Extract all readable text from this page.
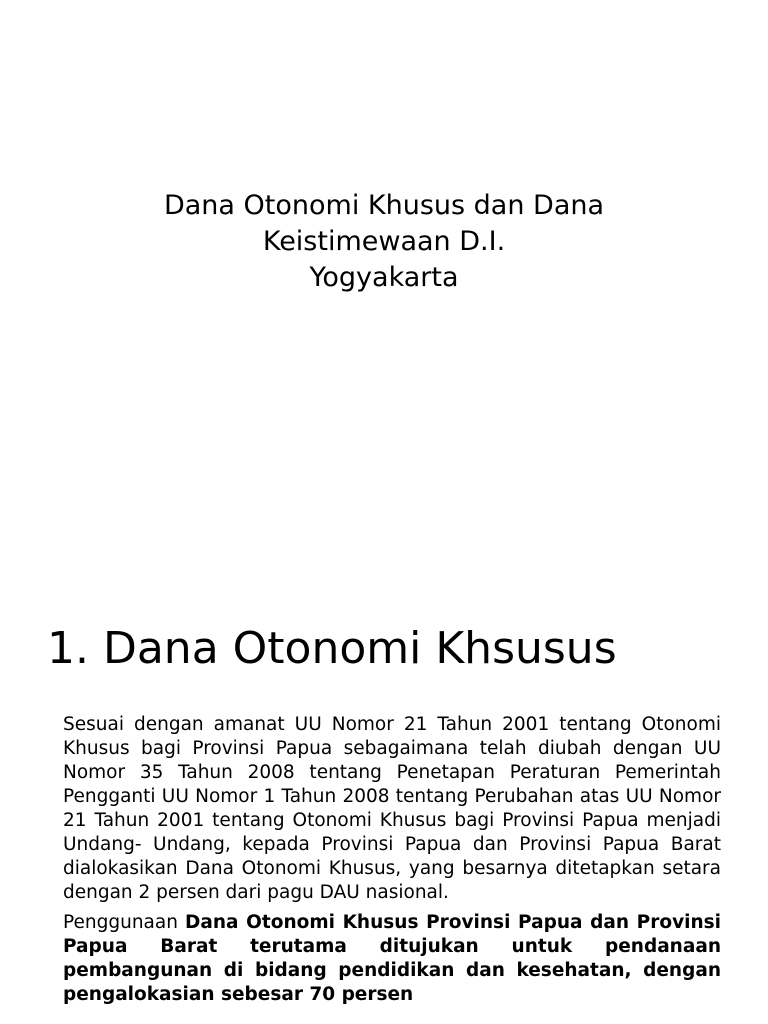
Dana Otonomi Khusus dan Dana
Keistimewaan D.I.
Yogyakarta
1. Dana Otonomi Khsusus

Sesuai dengan amanat UU Nomor 21 Tahun 2001 tentang Otonomi Khusus bagi Provinsi Papua sebagaimana telah diubah dengan UU Nomor 35 Tahun 2008 tentang Penetapan Peraturan Pemerintah Pengganti UU Nomor 1 Tahun 2008 tentang Perubahan atas UU Nomor 21 Tahun 2001 tentang Otonomi Khusus bagi Provinsi Papua menjadi Undang- Undang, kepada Provinsi Papua dan Provinsi Papua Barat dialokasikan Dana Otonomi Khusus, yang besarnya ditetapkan setara dengan 2 persen dari pagu DAU nasional.

Penggunaan Dana Otonomi Khusus Provinsi Papua dan Provinsi Papua Barat terutama ditujukan untuk pendanaan pembangunan di bidang pendidikan dan kesehatan, dengan pengalokasian sebesar 70 persen
